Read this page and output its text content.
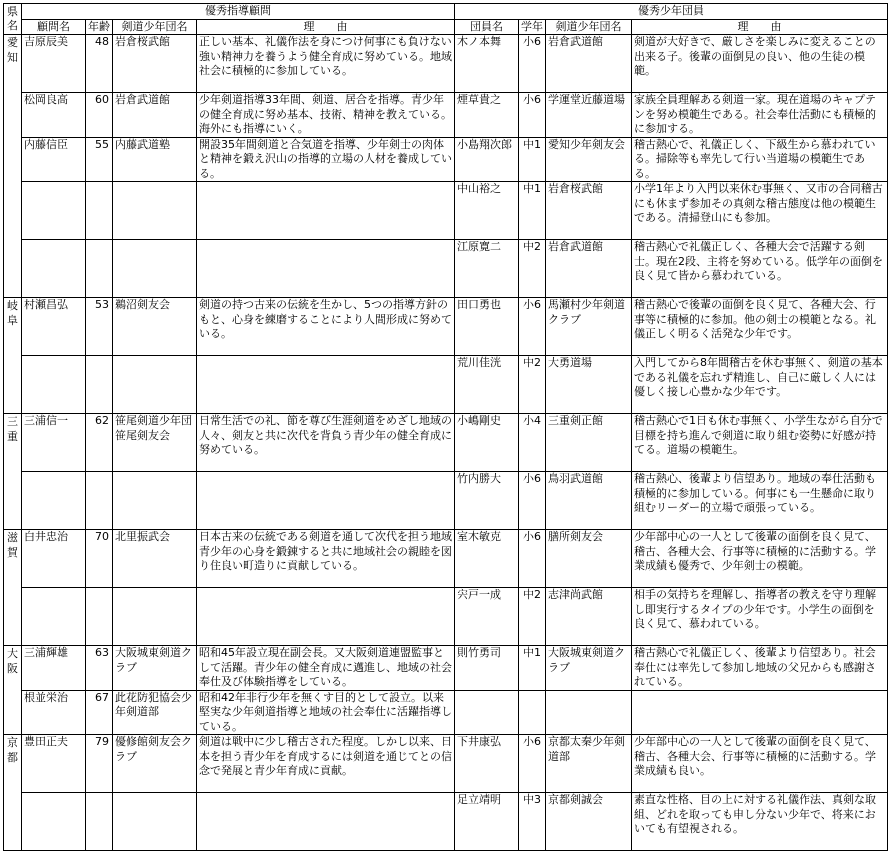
県名	優秀指導顧問				優秀少年団員			
	顧問名	年齢	剣道少年団名	理　　由	団員名	学年	剣道少年団名	理　　由
愛知	吉原辰美	48	岩倉桜武館	正しい基本、礼儀作法を身につけ何事にも負けない強い精神力を養うよう健全育成に努めている。地域社会に積極的に参加している。	木ノ本舞	小6	岩倉武道館	剣道が大好きで、厳しさを楽しみに変えることの出来る子。後輩の面倒見の良い、他の生徒の模範。
	松岡良高	60	岩倉武道館	少年剣道指導33年間、剣道、居合を指導。青少年の健全育成に努め基本、技術、精神を教えている。海外にも指導にいく。	煙草貴之	小6	学運堂近藤道場	家族全員理解ある剣道一家。現在道場のキャプテンを努め模範生である。社会奉仕活動にも積極的に参加する。
	内藤信臣	55	内藤武道塾	開設35年間剣道と合気道を指導、少年剣士の肉体と精神を鍛え沢山の指導的立場の人材を養成している。	小島翔次郎	中1	愛知少年剣友会	稽古熱心で、礼儀正しく、下級生から慕われている。掃除等も率先して行い当道場の模範生である。
					中山裕之	中1	岩倉桜武館	小学1年より入門以来休む事無く、又市の合同稽古にも休まず参加その真剣な稽古態度は他の模範生である。清掃登山にも参加。
					江原寛二	中2	岩倉武道館	稽古熱心で礼儀正しく、各種大会で活躍する剣士。現在2段、主将を努めている。低学年の面倒を良く見て皆から慕われている。
岐阜	村瀬昌弘	53	鵜沼剣友会	剣道の持つ古来の伝統を生かし、5つの指導方針のもと、心身を練磨することにより人間形成に努めている。	田口勇也	小6	馬瀬村少年剣道クラブ	稽古熱心で後輩の面倒を良く見て、各種大会、行事等に積極的に参加。他の剣士の模範となる。礼儀正しく明るく活発な少年です。
					荒川佳洸	中2	大勇道場	入門してから8年間稽古を休む事無く、剣道の基本である礼儀を忘れず精進し、自己に厳しく人には優しく接し心豊かな少年です。
三重	三浦信一	62	笹尾剣道少年団 笹尾剣友会	日常生活での礼、節を尊び生涯剣道をめざし地域の人々、剣友と共に次代を背負う青少年の健全育成に努めている。	小嶋剛史	小4	三重剣正館	稽古熱心で1日も休む事無く、小学生ながら自分で目標を持ち進んで剣道に取り組む姿勢に好感が持てる。道場の模範生。
					竹内勝大	小6	鳥羽武道館	稽古熱心、後輩より信望あり。地域の奉仕活動も積極的に参加している。何事にも一生懸命に取り組むリーダー的立場で頑張っている。
滋賀	白井忠治	70	北里振武会	日本古来の伝統である剣道を通して次代を担う地域青少年の心身を鍛錬すると共に地域社会の親睦を図り住良い町造りに貢献している。	室木敏克	小6	膳所剣友会	少年部中心の一人として後輩の面倒を良く見て、稽古、各種大会、行事等に積極的に活動する。学業成績も優秀で、少年剣士の模範。
					宍戸一成	中2	志津尚武館	相手の気持ちを理解し、指導者の教えを守り理解し即実行するタイプの少年です。小学生の面倒を良く見て、慕われている。
大阪	三浦輝雄	63	大阪城東剣道クラブ	昭和45年設立現在副会長。又大阪剣道連盟監事として活躍。青少年の健全育成に邁進し、地域の社会奉仕及び体験指導をしている。	則竹勇司	中1	大阪城東剣道クラブ	稽古熱心で礼儀正しく、後輩より信望あり。社会奉仕には率先して参加し地域の父兄からも感謝されている。
	根並栄治	67	此花防犯協会少年剣道部	昭和42年非行少年を無くす目的として設立。以来堅実な少年剣道指導と地域の社会奉仕に活躍指導している。				
京都	豊田正夫	79	優修館剣友会クラブ	剣道は戦中に少し稽古された程度。しかし以来、日本を担う青少年を育成するには剣道を通じてとの信念で発展と青少年育成に貢献。	下井康弘	小6	京都太秦少年剣道部	少年部中心の一人として後輩の面倒を良く見て、稽古、各種大会、行事等に積極的に活動する。学業成績も良い。
					足立靖明	中3	京都剣誠会	素直な性格、目の上に対する礼儀作法、真剣な取組、どれを取っても申し分ない少年で、将来においても有望視される。
